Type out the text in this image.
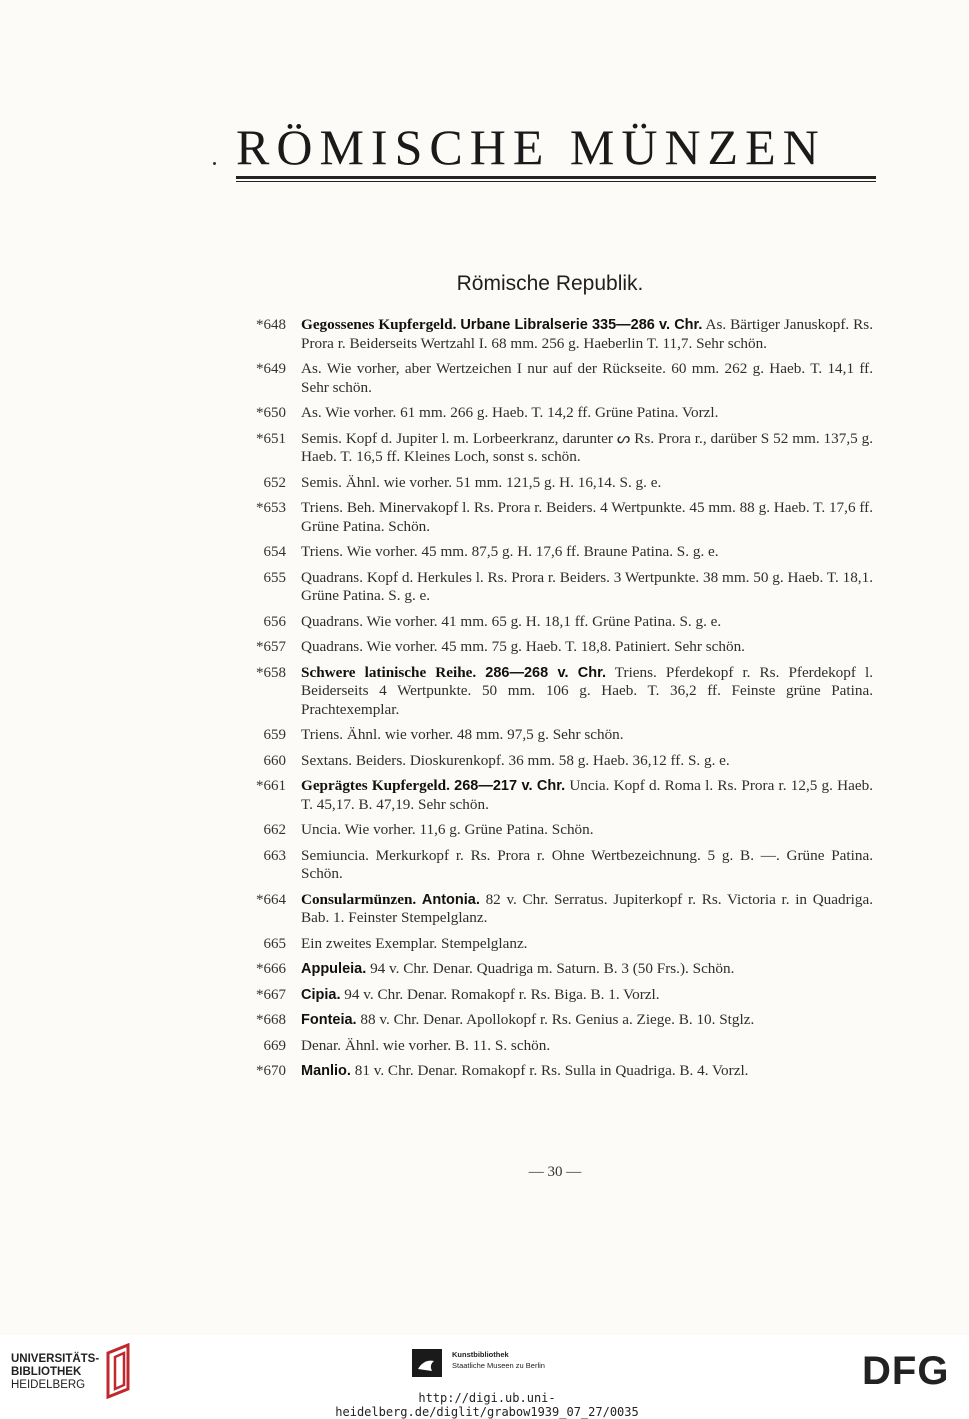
RÖMISCHE MÜNZEN
Römische Republik.
*648 Gegossenes Kupfergeld. Urbane Libralserie 335—286 v. Chr. As. Bärtiger Januskopf. Rs. Prora r. Beiderseits Wertzahl I. 68 mm. 256 g. Haeberlin T. 11,7. Sehr schön.
*649 As. Wie vorher, aber Wertzeichen I nur auf der Rückseite. 60 mm. 262 g. Haeb. T. 14,1 ff. Sehr schön.
*650 As. Wie vorher. 61 mm. 266 g. Haeb. T. 14,2 ff. Grüne Patina. Vorzl.
*651 Semis. Kopf d. Jupiter l. m. Lorbeerkranz, darunter ᔕ Rs. Prora r., darüber S 52 mm. 137,5 g. Haeb. T. 16,5 ff. Kleines Loch, sonst s. schön.
652 Semis. Ähnl. wie vorher. 51 mm. 121,5 g. H. 16,14. S. g. e.
*653 Triens. Beh. Minervakopf l. Rs. Prora r. Beiders. 4 Wertpunkte. 45 mm. 88 g. Haeb. T. 17,6 ff. Grüne Patina. Schön.
654 Triens. Wie vorher. 45 mm. 87,5 g. H. 17,6 ff. Braune Patina. S. g. e.
655 Quadrans. Kopf d. Herkules l. Rs. Prora r. Beiders. 3 Wertpunkte. 38 mm. 50 g. Haeb. T. 18,1. Grüne Patina. S. g. e.
656 Quadrans. Wie vorher. 41 mm. 65 g. H. 18,1 ff. Grüne Patina. S. g. e.
*657 Quadrans. Wie vorher. 45 mm. 75 g. Haeb. T. 18,8. Patiniert. Sehr schön.
*658 Schwere latinische Reihe. 286—268 v. Chr. Triens. Pferdekopf r. Rs. Pferdekopf l. Beiderseits 4 Wertpunkte. 50 mm. 106 g. Haeb. T. 36,2 ff. Feinste grüne Patina. Prachtexemplar.
659 Triens. Ähnl. wie vorher. 48 mm. 97,5 g. Sehr schön.
660 Sextans. Beiders. Dioskurenkopf. 36 mm. 58 g. Haeb. 36,12 ff. S. g. e.
*661 Geprägtes Kupfergeld. 268—217 v. Chr. Uncia. Kopf d. Roma l. Rs. Prora r. 12,5 g. Haeb. T. 45,17. B. 47,19. Sehr schön.
662 Uncia. Wie vorher. 11,6 g. Grüne Patina. Schön.
663 Semiuncia. Merkurkopf r. Rs. Prora r. Ohne Wertbezeichnung. 5 g. B. —. Grüne Patina. Schön.
*664 Consularmünzen. Antonia. 82 v. Chr. Serratus. Jupiterkopf r. Rs. Victoria r. in Quadriga. Bab. 1. Feinster Stempelglanz.
665 Ein zweites Exemplar. Stempelglanz.
*666 Appuleia. 94 v. Chr. Denar. Quadriga m. Saturn. B. 3 (50 Frs.). Schön.
*667 Cipia. 94 v. Chr. Denar. Romakopf r. Rs. Biga. B. 1. Vorzl.
*668 Fonteia. 88 v. Chr. Denar. Apollokopf r. Rs. Genius a. Ziege. B. 10. Stglz.
669 Denar. Ähnl. wie vorher. B. 11. S. schön.
*670 Manlio. 81 v. Chr. Denar. Romakopf r. Rs. Sulla in Quadriga. B. 4. Vorzl.
— 30 —
UNIVERSITÄTS-
BIBLIOTHEK
HEIDELBERG
Kunstbibliothek
Staatliche Museen zu Berlin	DFG
http://digi.ub.uni-heidelberg.de/diglit/grabow1939_07_27/0035
